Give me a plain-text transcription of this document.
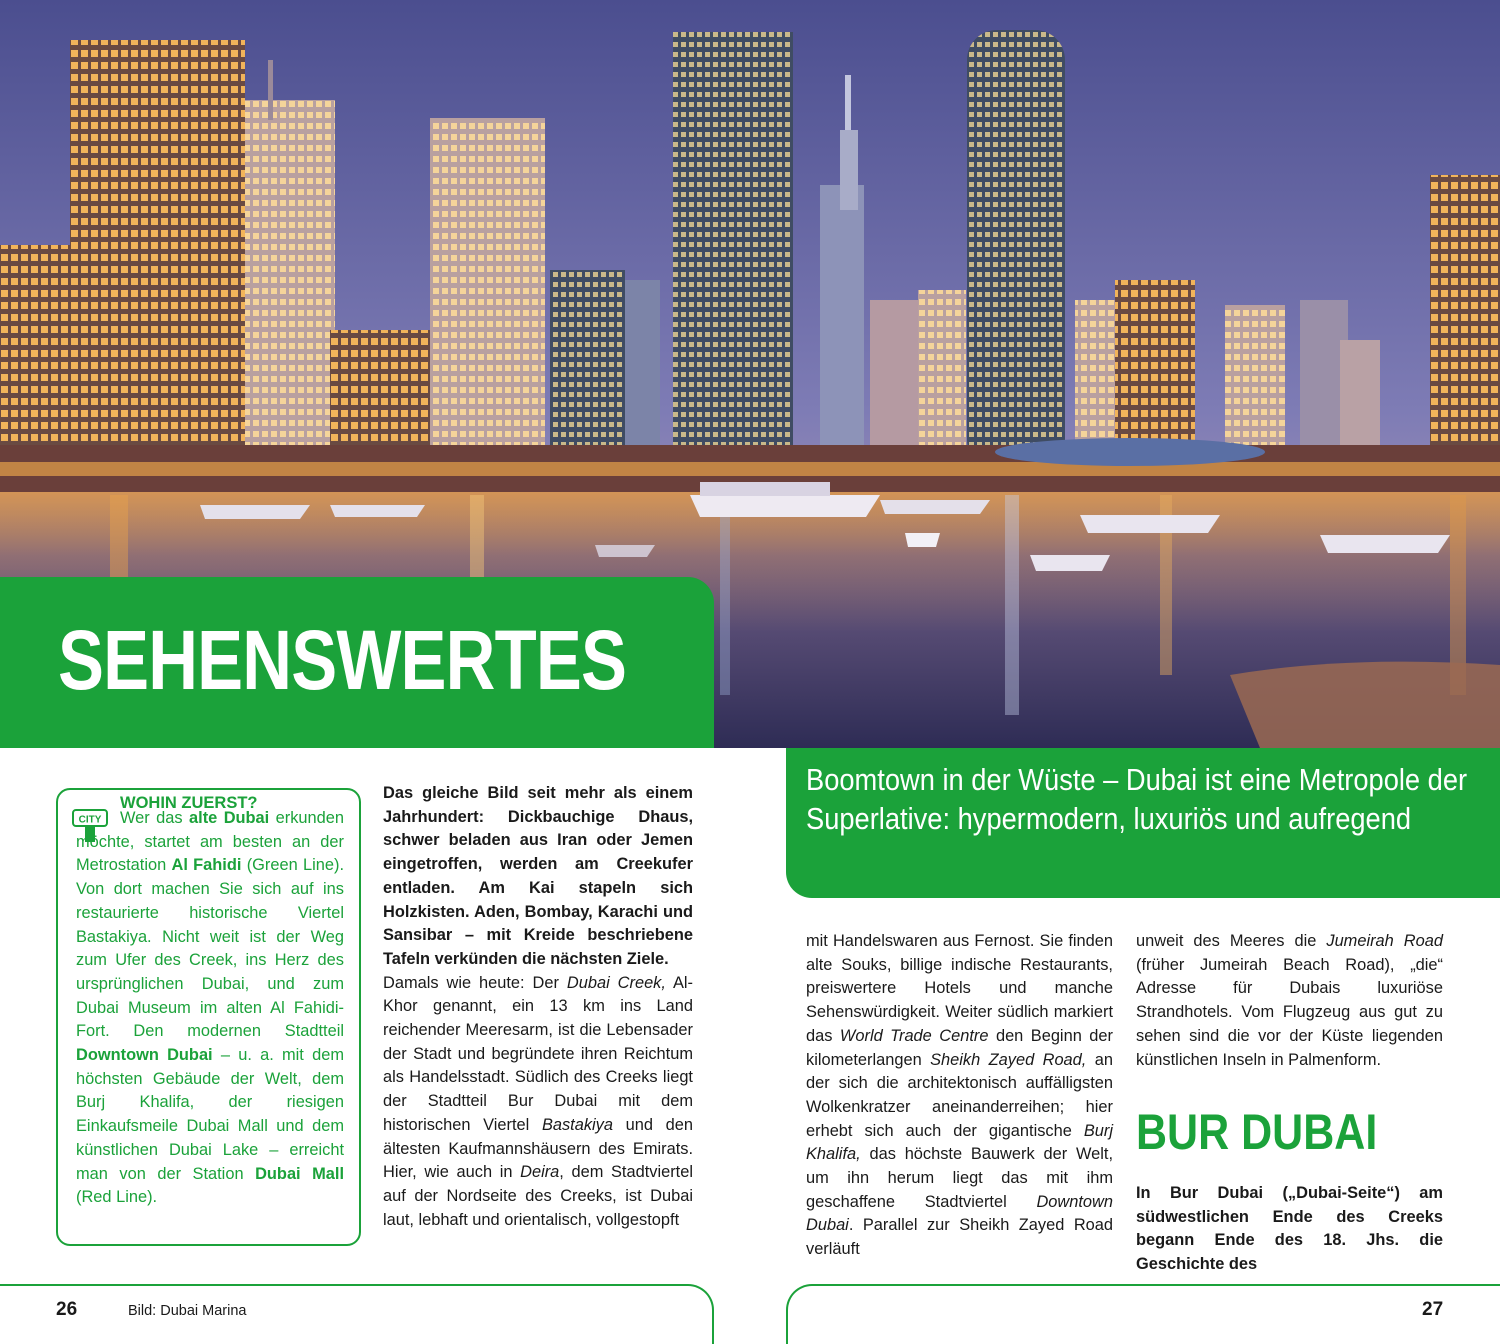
SEHENSWERTES
Boomtown in der Wüste – Dubai ist eine Metropole der Superlative: hypermodern, luxuriös und aufregend
CITY
WOHIN ZUERST?
Wer das alte Dubai erkunden möchte, startet am besten an der Metrostation Al Fahidi (Green Line). Von dort machen Sie sich auf ins restaurierte historische Viertel Bastakiya. Nicht weit ist der Weg zum Ufer des Creek, ins Herz des ursprünglichen Dubai, und zum Dubai Museum im alten Al Fahidi-Fort. Den modernen Stadtteil Downtown Dubai – u. a. mit dem höchsten Gebäude der Welt, dem Burj Khalifa, der riesigen Einkaufsmeile Dubai Mall und dem künstlichen Dubai Lake – erreicht man von der Station Dubai Mall (Red Line).
Das gleiche Bild seit mehr als einem Jahrhundert: Dickbauchige Dhaus, schwer beladen aus Iran oder Jemen eingetroffen, werden am Creekufer entladen. Am Kai stapeln sich Holzkisten. Aden, Bombay, Karachi und Sansibar – mit Kreide beschriebene Tafeln verkünden die nächsten Ziele.
Damals wie heute: Der Dubai Creek, Al-Khor genannt, ein 13 km ins Land reichender Meeresarm, ist die Lebensader der Stadt und begründete ihren Reichtum als Handelsstadt. Südlich des Creeks liegt der Stadtteil Bur Dubai mit dem historischen Viertel Bastakiya und den ältesten Kaufmannshäusern des Emirats. Hier, wie auch in Deira, dem Stadtviertel auf der Nordseite des Creeks, ist Dubai laut, lebhaft und orientalisch, vollgestopft
mit Handelswaren aus Fernost. Sie finden alte Souks, billige indische Restaurants, preiswertere Hotels und manche Sehenswürdigkeit. Weiter südlich markiert das World Trade Centre den Beginn der kilometerlangen Sheikh Zayed Road, an der sich die architektonisch auffälligsten Wolkenkratzer aneinanderreihen; hier erhebt sich auch der gigantische Burj Khalifa, das höchste Bauwerk der Welt, um ihn herum liegt das mit ihm geschaffene Stadtviertel Downtown Dubai. Parallel zur Sheikh Zayed Road verläuft
unweit des Meeres die Jumeirah Road (früher Jumeirah Beach Road), „die“ Adresse für Dubais luxuriöse Strandhotels. Vom Flugzeug aus gut zu sehen sind die vor der Küste liegenden künstlichen Inseln in Palmenform.
BUR DUBAI
In Bur Dubai („Dubai-Seite“) am südwestlichen Ende des Creeks begann Ende des 18. Jhs. die Geschichte des
26	Bild: Dubai Marina	27
